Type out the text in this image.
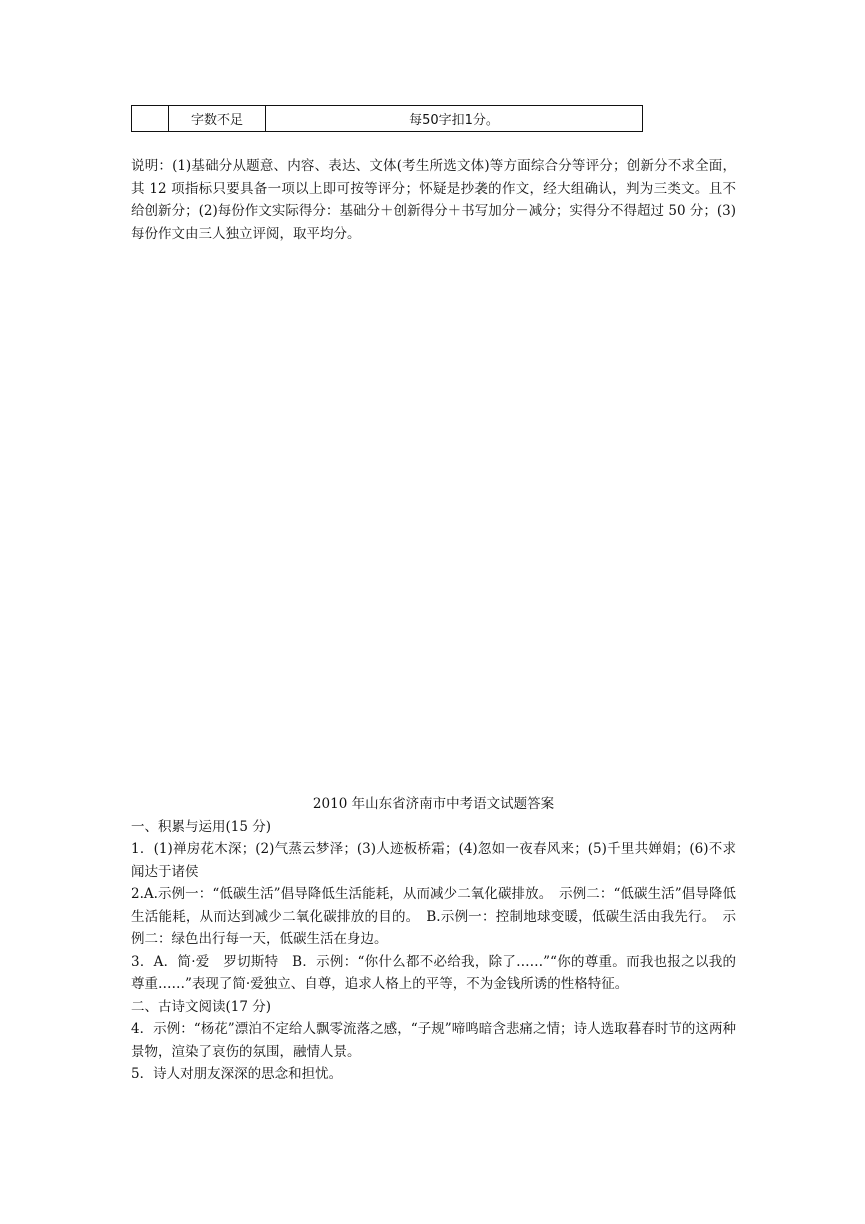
	字数不足	每50字扣1分。

说明：(1)基础分从题意、内容、表达、文体(考生所选文体)等方面综合分等评分；创新分不求全面，其 12 项指标只要具备一项以上即可按等评分；怀疑是抄袭的作文，经大组确认，判为三类文。且不给创新分；(2)每份作文实际得分：基础分＋创新得分＋书写加分－减分；实得分不得超过 50 分；(3)每份作文由三人独立评阅，取平均分。

2010 年山东省济南市中考语文试题答案

一、积累与运用(15 分)

1．(1)禅房花木深；(2)气蒸云梦泽；(3)人迹板桥霜；(4)忽如一夜春风来；(5)千里共婵娟；(6)不求闻达于诸侯

2.A.示例一：“低碳生活”倡导降低生活能耗，从而减少二氧化碳排放。　示例二：“低碳生活”倡导降低生活能耗，从而达到减少二氧化碳排放的目的。　B.示例一：控制地球变暖，低碳生活由我先行。　示例二：绿色出行每一天，低碳生活在身边。

3．A．简·爱　罗切斯特　B．示例：“你什么都不必给我，除了……”“你的尊重。而我也报之以我的尊重……”表现了简·爱独立、自尊，追求人格上的平等，不为金钱所诱的性格特征。

二、古诗文阅读(17 分)

4．示例：“杨花”漂泊不定给人飘零流落之感，“子规”啼鸣暗含悲痛之情；诗人选取暮春时节的这两种景物，渲染了哀伤的氛围，融情人景。

5．诗人对朋友深深的思念和担忧。
